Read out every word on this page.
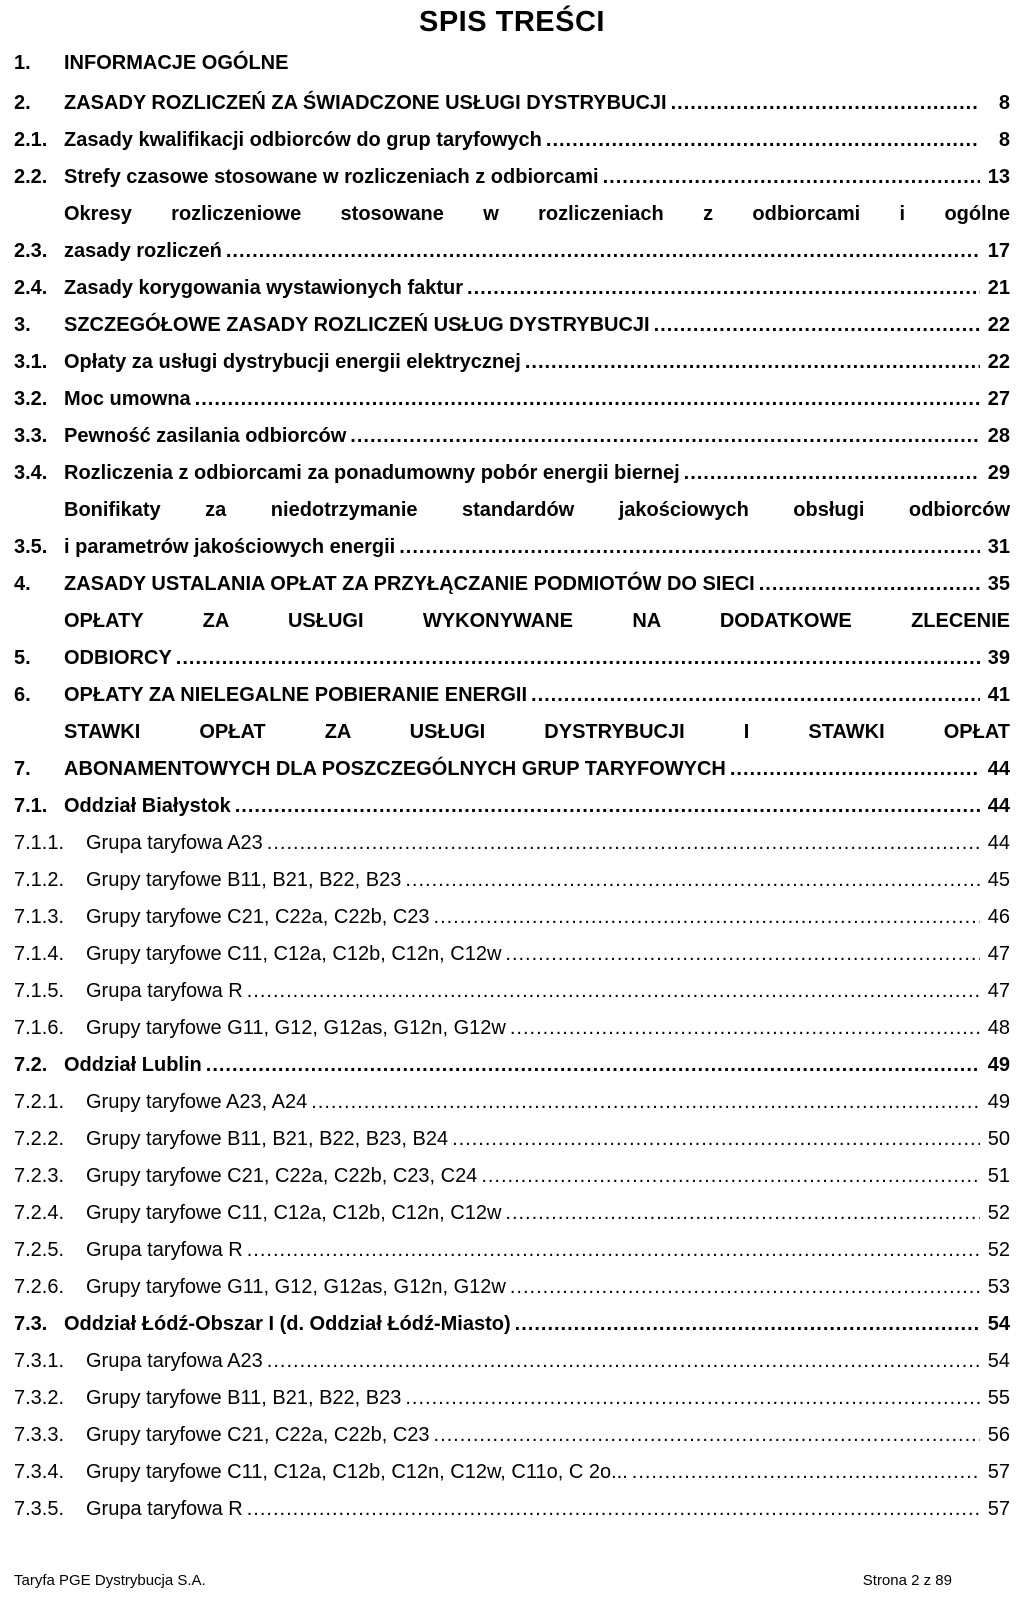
SPIS TREŚCI
1.	INFORMACJE OGÓLNE
2.	ZASADY ROZLICZEŃ ZA ŚWIADCZONE USŁUGI DYSTRYBUCJI .....	8
2.1. Zasady kwalifikacji odbiorców do grup taryfowych .....	8
2.2. Strefy czasowe stosowane w rozliczeniach z odbiorcami .....	13
2.3.
Okresy rozliczeniowe stosowane w rozliczeniach z odbiorcami i ogólne
zasady rozliczeń .....	17
2.4. Zasady korygowania wystawionych faktur .....	21
3.	SZCZEGÓŁOWE ZASADY ROZLICZEŃ USŁUG DYSTRYBUCJI .....	22
3.1. Opłaty za usługi dystrybucji energii elektrycznej .....	22
3.2. Moc umowna .....	27
3.3. Pewność zasilania odbiorców .....	28
3.4. Rozliczenia z odbiorcami za ponadumowny pobór energii biernej .....	29
3.5.
Bonifikaty za niedotrzymanie standardów jakościowych obsługi odbiorców
i parametrów jakościowych energii .....	31
4.	ZASADY USTALANIA OPŁAT ZA PRZYŁĄCZANIE PODMIOTÓW DO SIECI .....	35
5.
OPŁATY ZA USŁUGI WYKONYWANE NA DODATKOWE ZLECENIE
ODBIORCY .....	39
6.	OPŁATY ZA NIELEGALNE POBIERANIE ENERGII .....	41
7.
STAWKI OPŁAT ZA USŁUGI DYSTRYBUCJI I STAWKI OPŁAT
ABONAMENTOWYCH DLA POSZCZEGÓLNYCH GRUP TARYFOWYCH .....	44
7.1. Oddział Białystok .....	44
7.1.1.	Grupa taryfowa A23 .....	44
7.1.2.	Grupy taryfowe B11, B21, B22, B23 .....	45
7.1.3.	Grupy taryfowe C21, C22a, C22b, C23 .....	46
7.1.4.	Grupy taryfowe C11, C12a, C12b, C12n, C12w .....	47
7.1.5.	Grupa taryfowa R .....	47
7.1.6.	Grupy taryfowe G11, G12, G12as, G12n, G12w .....	48
7.2. Oddział Lublin .....	49
7.2.1.	Grupy taryfowe A23, A24 .....	49
7.2.2.	Grupy taryfowe B11, B21, B22, B23, B24 .....	50
7.2.3.	Grupy taryfowe C21, C22a, C22b, C23, C24 .....	51
7.2.4.	Grupy taryfowe C11, C12a, C12b, C12n, C12w .....	52
7.2.5.	Grupa taryfowa R .....	52
7.2.6.	Grupy taryfowe G11, G12, G12as, G12n, G12w .....	53
7.3. Oddział Łódź-Obszar I (d. Oddział Łódź-Miasto) .....	54
7.3.1.	Grupa taryfowa A23 .....	54
7.3.2.	Grupy taryfowe B11, B21, B22, B23 .....	55
7.3.3.	Grupy taryfowe C21, C22a, C22b, C23 .....	56
7.3.4.	Grupy taryfowe C11, C12a, C12b, C12n, C12w, C11o, C 2o... .....	57
7.3.5.	Grupa taryfowa R .....	57
Taryfa PGE Dystrybucja S.A.	Strona 2 z 89
